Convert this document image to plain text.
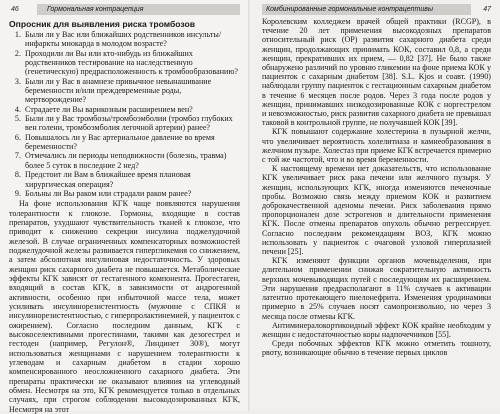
46	Гормональная контрацепция
Опросник для выявления риска тромбозов
1. Были ли у Вас или ближайших родственников инсульты/инфаркты миокарда в молодом возрасте?
2. Проходили ли Вы или кто-нибудь из ближайших родственников тестирование на наследственную (генетическую) предрасположенность к тромбообразованию?
3. Были ли у Вас в анамнезе привычное невынашивание беременности и/или преждевременные роды, мертворождение?
4. Страдаете ли Вы варикозным расширением вен?
5. Были ли у Вас тромбозы/тромбоэмболии (тромбоз глубоких вен голени, тромбоэмболия легочной артерии) ранее?
6. Повышалось ли у Вас артериальное давление во время беременности?
7. Отмечались ли периоды неподвижности (болезнь, травма) более 5 суток в последние 2 нед?
8. Предстоит ли Вам в ближайшее время плановая хирургическая операция?
9. Больны ли Вы раком или страдали раком ранее?

На фоне использования КГК чаще появляются нарушения толерантности к глюкозе. Гормоны, входящие в состав препаратов, ухудшают чувствительность тканей к глюкозе, что приводит к снижению секреции инсулина поджелудочной железой. В случае ограниченных компенсаторных возможностей поджелудочной железы развивается гипергликемия со снижением, а затем абсолютная инсулиновая недостаточность. У здоровых женщин риск сахарного диабета не повышается. Метаболические эффекты КГК зависят от гестагенного компонента. Прогестаген, входящий в состав КГК, в зависимости от андрогенной активности, особенно при избыточной массе тела, может усиливать инсулинорезистентность (мужчине с СПКЯ и инсулинорезистентностью, с гиперпролактинемией, у пациенток с ожирением). Согласно последним данным, КГК с высокоселективными прогестинами, такими как дезогестрел и гестоден (например, Регулон®, Линдинет 30®), могут использоваться женщинами с нарушением толерантности к углеводам и сахарным диабетом в стадии хорошо компенсированного неосложненного сахарного диабета. Эти препараты практически не оказывают влияния на углеводный обмен. Несмотря на это, КГК рекомендуется только в отдельных случаях, при строгом соблюдении высокодозированных КГК, Несмотря на этот

Комбинированные гормональные контрацептивы	47

Королевским колледжем врачей общей практики (RCGP), в течение 20 лет применения высокодозных препаратов относительный риск (ОР) развития сахарного диабета среди женщин, продолжающих принимать КОК, составил 0,8, а среди женщин, прекративших их прием, — 0,82 [37]. Не было также обнаружено различий по уровню гликемии на фоне приема КОК у пациенток с сахарным диабетом [38]. S.L. Kjos и соавт. (1990) наблюдали группу пациенток с гестационным сахарным диабетом в течение 6 месяцев после родов. Через 3 года после родов у женщин, принимавших низкодозированные КОК с норгестрелом и невозможностью, риск развития сахарного диабета не превышал таковой в контрольной группе, не получавшей КОК [39].

КГК повышают содержание холестерина в пузырной желчи, что увеличивает вероятность холелитиаза и камнеобразования в желчном пузыре. Холестаз при приеме КГК встречается примерно с той же частотой, что и во время беременности.

К настоящему времени нет доказательств, что использование КГК увеличивает риск рака печени или желчного пузыря. У женщин, использующих КГК, иногда изменяются печеночные пробы. Возможно связь между приемом КОК и развитием доброкачественной аденомы печени. Риск заболевания прямо пропорционален дозе эстрогенов и длительности применения КГК. После отмены препаратов опухоль обычно регрессирует. Согласно последним рекомендациям ВОЗ, КГК можно использовать у пациенток с очаговой узловой гиперплазией печени [25].

КГК изменяют функции органов мочевыделения, при длительном применении снижая сократительную активность верхних мочевыводящих путей с последующим их расширением. Эти нарушения предрасполагают в 11% случаев к активации латентно протекающего пиелонефрита. Изменения уродинамики примерно в 25% случаев носят самопроизвольно, но через 3 месяца после отмены КГК.

Антиминералокортикоидный эффект КОК крайне необходим у женщин с недостаточностью коры надпочечников [55].

Среди побочных эффектов КГК можно отметить тошноту, рвоту, возникающие обычно в течение первых циклов
